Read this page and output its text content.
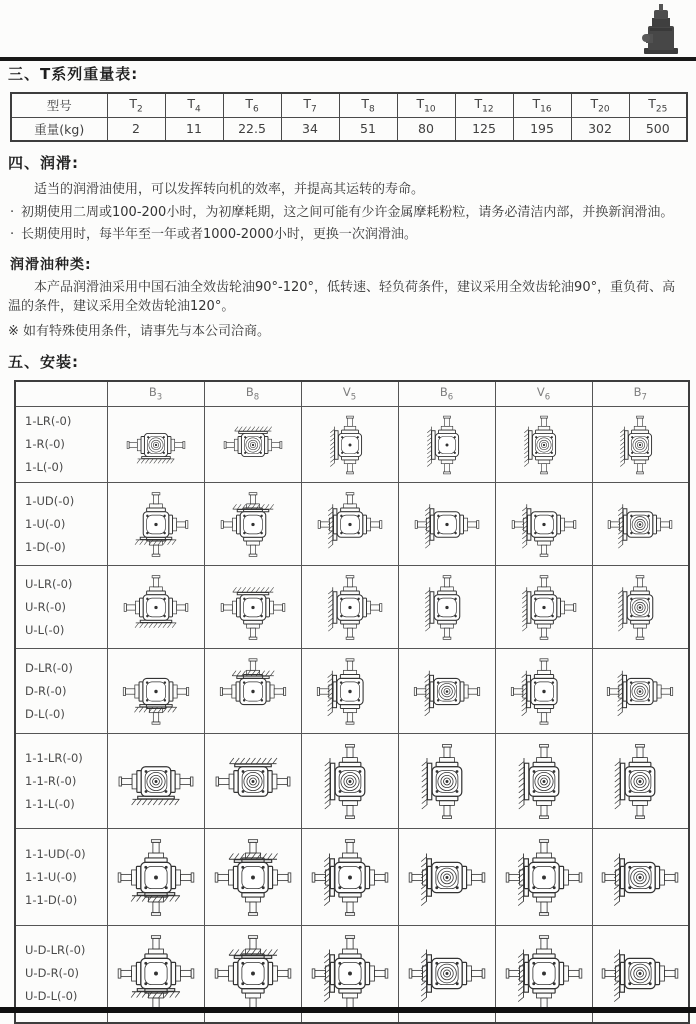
三、T系列重量表:
型号	$T_2$	$T_4$	$T_6$	$T_7$	$T_8$	$T_{10}$	$T_{12}$	$T_{16}$	$T_{20}$	$T_{25}$
重量(kg)	2	11	22.5	34	51	80	125	195	302	500
四、润滑:

适当的润滑油使用，可以发挥转向机的效率，并提高其运转的寿命。

· 初期使用二周或100-200小时，为初摩耗期，这之间可能有少许金属摩耗粉粒，请务必清洁内部，并换新润滑油。

· 长期使用时，每半年至一年或者1000-2000小时，更换一次润滑油。

润滑油种类:

本产品润滑油采用中国石油全效齿轮油90°-120°，低转速、轻负荷条件，建议采用全效齿轮油90°，重负荷、高温的条件，建议采用全效齿轮油120°。

※ 如有特殊使用条件，请事先与本公司洽商。

五、安装:
	$B_3$	$B_8$	$V_5$	$B_6$	$V_6$	$B_7$

1-LR(-0)
1-R(-0)
1-L(-0)

1-UD(-0)
1-U(-0)
1-D(-0)

U-LR(-0)
U-R(-0)
U-L(-0)

D-LR(-0)
D-R(-0)
D-L(-0)

1-1-LR(-0)
1-1-R(-0)
1-1-L(-0)

1-1-UD(-0)
1-1-U(-0)
1-1-D(-0)

U-D-LR(-0)
U-D-R(-0)
U-D-L(-0)
